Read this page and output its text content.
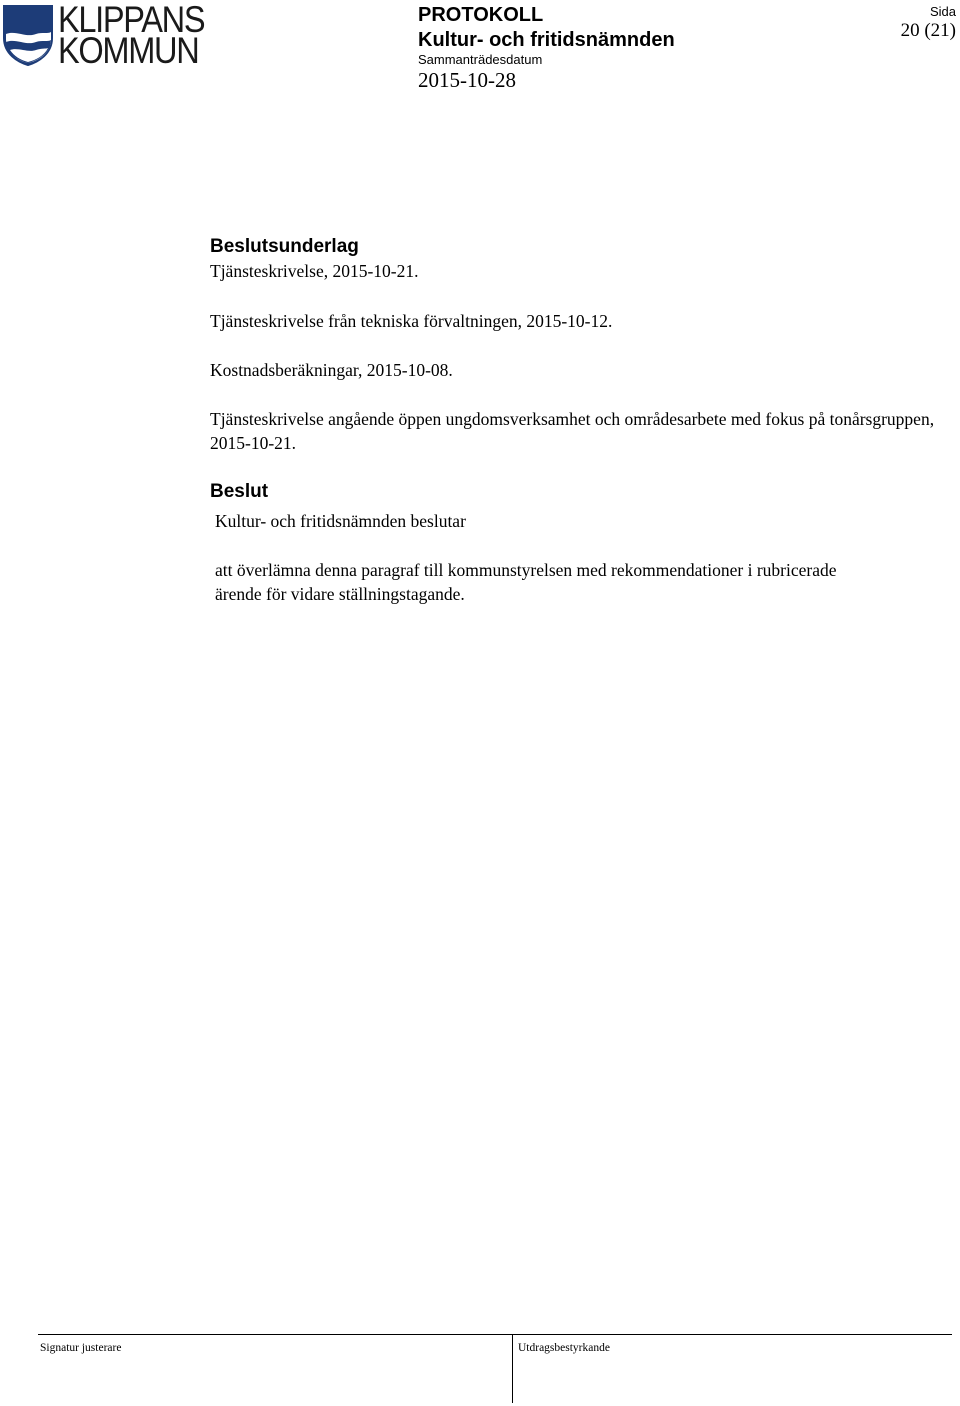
KLIPPANS
KOMMUN
PROTOKOLL
Kultur- och fritidsnämnden
Sammanträdesdatum
2015-10-28
Sida
20 (21)
Beslutsunderlag
Tjänsteskrivelse, 2015-10-21.
Tjänsteskrivelse från tekniska förvaltningen, 2015-10-12.
Kostnadsberäkningar, 2015-10-08.
Tjänsteskrivelse angående öppen ungdomsverksamhet och områdesarbete med fokus på tonårsgruppen, 2015-10-21.
Beslut
Kultur- och fritidsnämnden beslutar
att överlämna denna paragraf till kommunstyrelsen med rekommendationer i rubricerade ärende för vidare ställningstagande.
Signatur justerare	Utdragsbestyrkande
